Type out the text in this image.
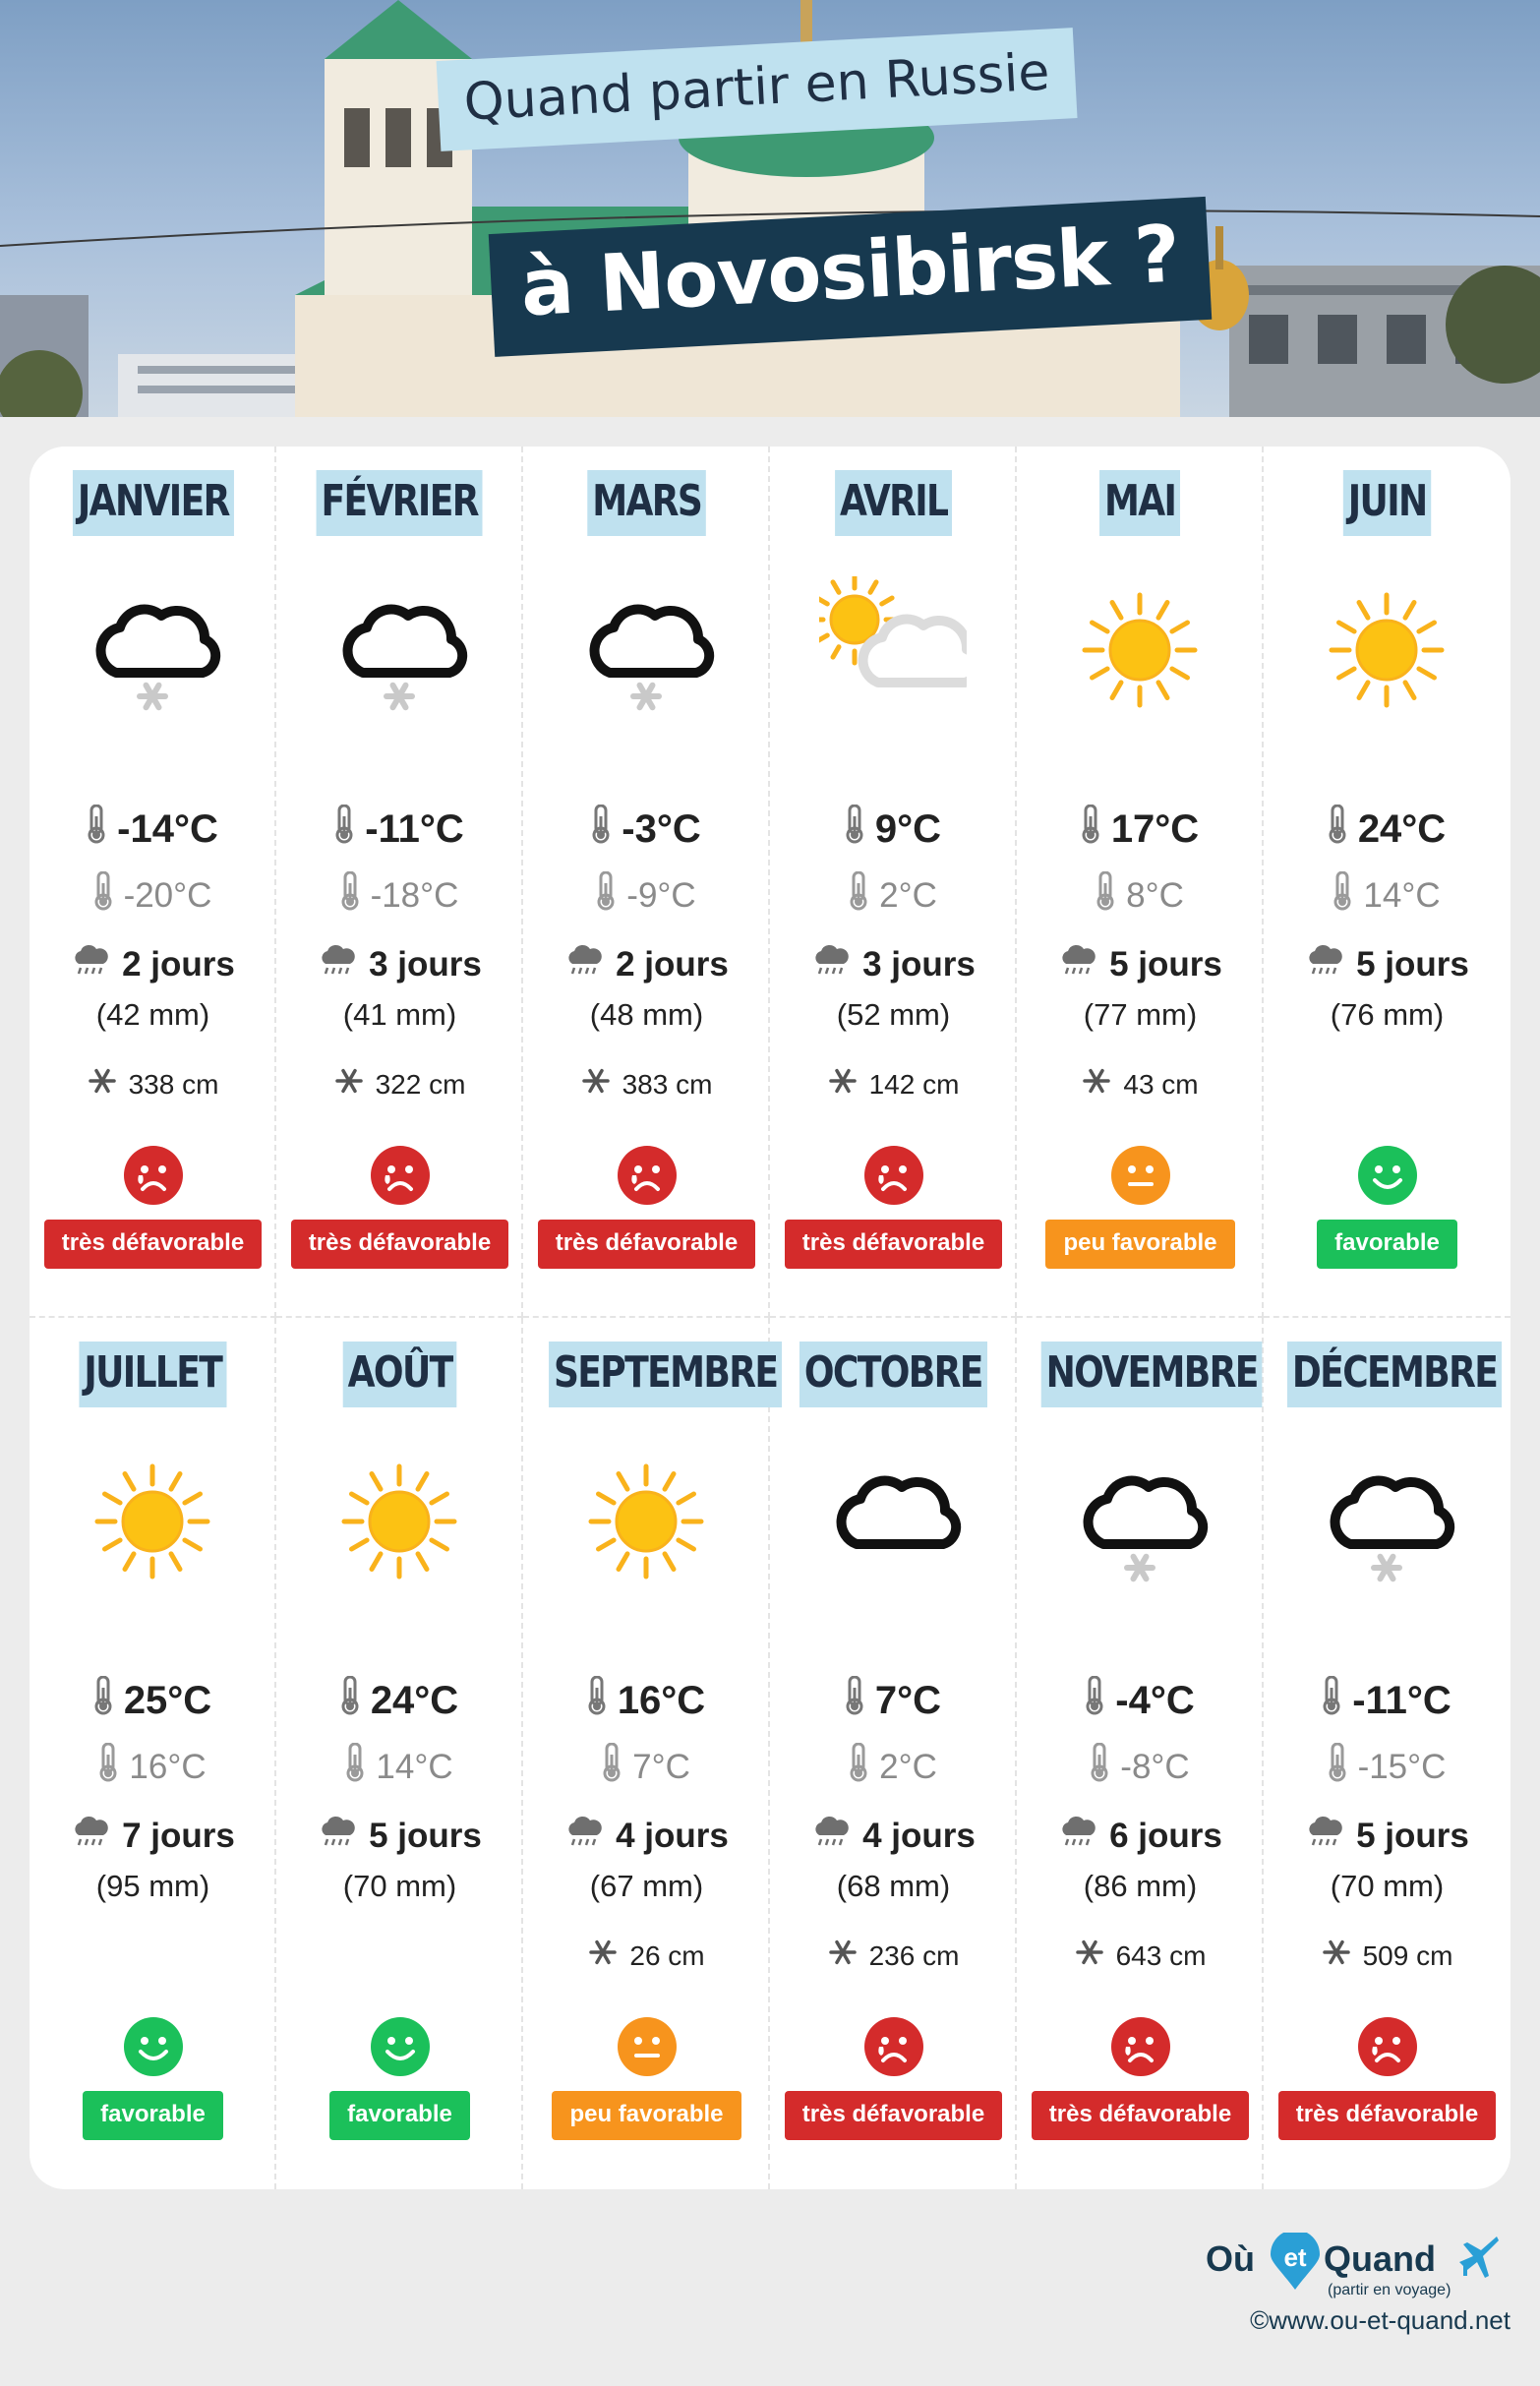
Quand partir en Russie
à Novosibirsk ?
JANVIER
-14°C
-20°C
2 jours
(42 mm)
338 cm
très défavorable
FÉVRIER
-11°C
-18°C
3 jours
(41 mm)
322 cm
très défavorable
MARS
-3°C
-9°C
2 jours
(48 mm)
383 cm
très défavorable
AVRIL
9°C
2°C
3 jours
(52 mm)
142 cm
très défavorable
MAI
17°C
8°C
5 jours
(77 mm)
43 cm
peu favorable
JUIN
24°C
14°C
5 jours
(76 mm)
favorable
JUILLET
25°C
16°C
7 jours
(95 mm)
favorable
AOÛT
24°C
14°C
5 jours
(70 mm)
favorable
SEPTEMBRE
16°C
7°C
4 jours
(67 mm)
26 cm
peu favorable
OCTOBRE
7°C
2°C
4 jours
(68 mm)
236 cm
très défavorable
NOVEMBRE
-4°C
-8°C
6 jours
(86 mm)
643 cm
très défavorable
DÉCEMBRE
-11°C
-15°C
5 jours
(70 mm)
509 cm
très défavorable
Où	et Quand
(partir en voyage)
©www.ou-et-quand.net
